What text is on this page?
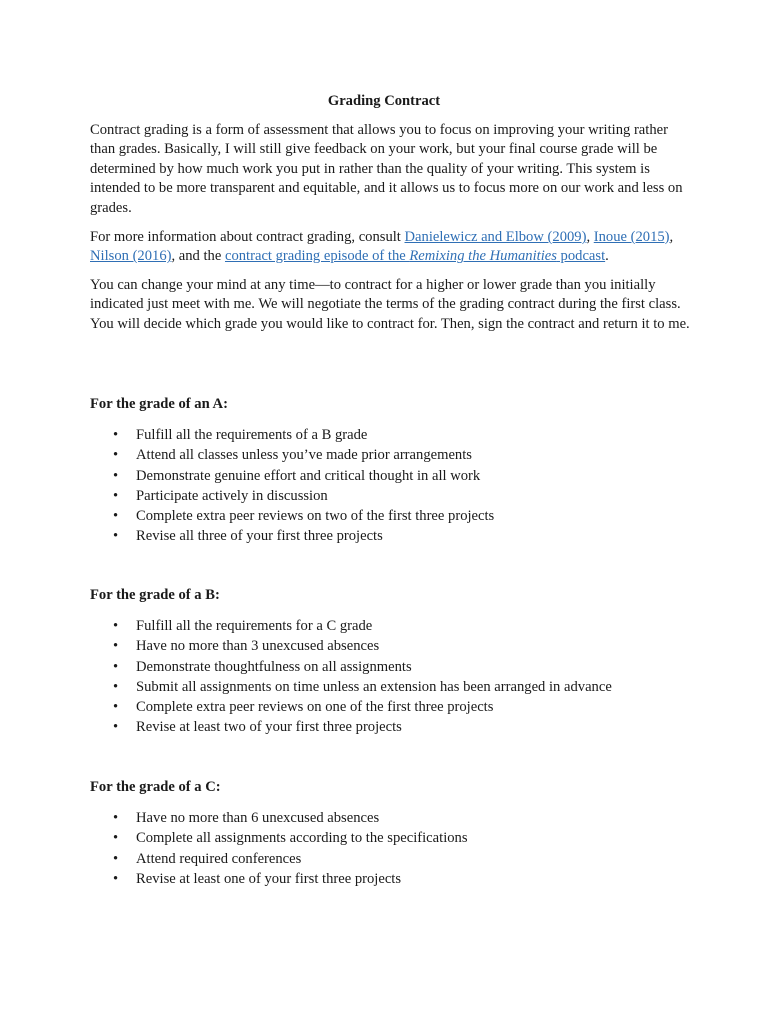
Grading Contract

Contract grading is a form of assessment that allows you to focus on improving your writing rather than grades. Basically, I will still give feedback on your work, but your final course grade will be determined by how much work you put in rather than the quality of your writing. This system is intended to be more transparent and equitable, and it allows us to focus more on our work and less on grades.

For more information about contract grading, consult Danielewicz and Elbow (2009), Inoue (2015), Nilson (2016), and the contract grading episode of the Remixing the Humanities podcast.

You can change your mind at any time—to contract for a higher or lower grade than you initially indicated just meet with me. We will negotiate the terms of the grading contract during the first class. You will decide which grade you would like to contract for. Then, sign the contract and return it to me.

For the grade of an A:
• Fulfill all the requirements of a B grade
• Attend all classes unless you’ve made prior arrangements
• Demonstrate genuine effort and critical thought in all work
• Participate actively in discussion
• Complete extra peer reviews on two of the first three projects
• Revise all three of your first three projects
For the grade of a B:
• Fulfill all the requirements for a C grade
• Have no more than 3 unexcused absences
• Demonstrate thoughtfulness on all assignments
• Submit all assignments on time unless an extension has been arranged in advance
• Complete extra peer reviews on one of the first three projects
• Revise at least two of your first three projects
For the grade of a C:
• Have no more than 6 unexcused absences
• Complete all assignments according to the specifications
• Attend required conferences
• Revise at least one of your first three projects
